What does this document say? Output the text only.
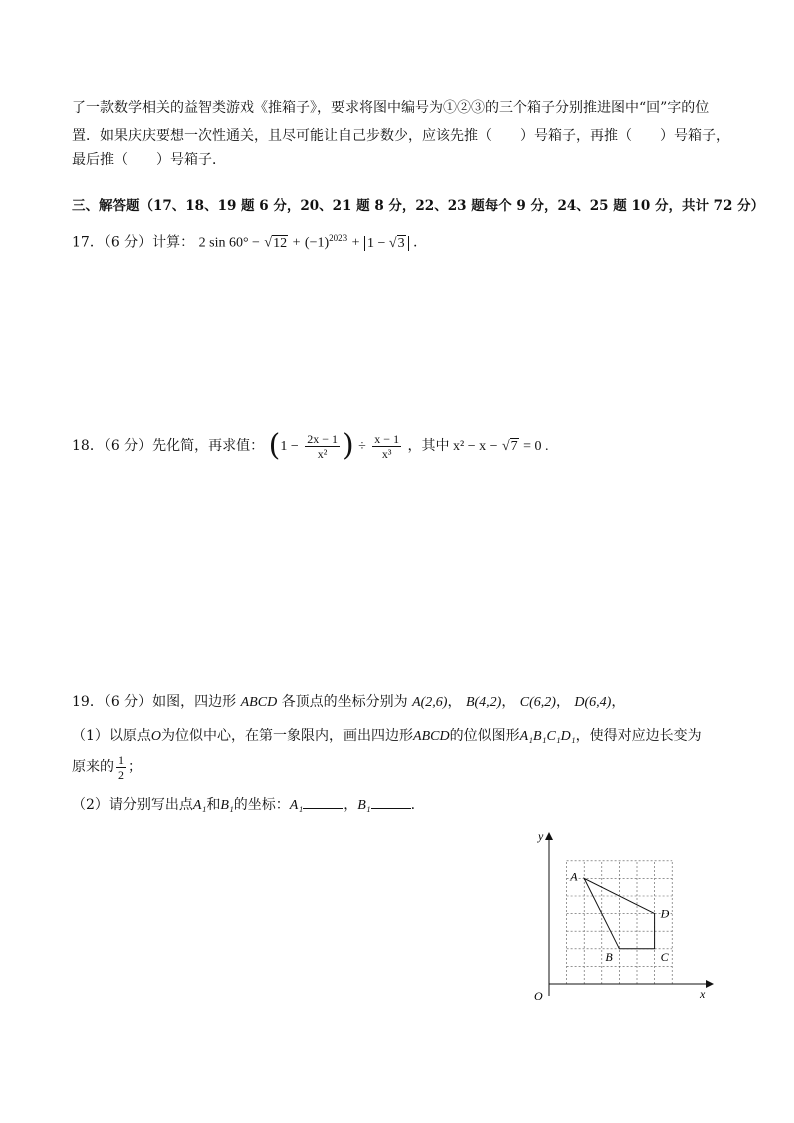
了一款数学相关的益智类游戏《推箱子》，要求将图中编号为①②③的三个箱子分别推进图中“回”字的位
置．如果庆庆要想一次性通关，且尽可能让自己步数少，应该先推（　　）号箱子，再推（　　）号箱子，
最后推（　　）号箱子．
三、解答题（17、18、19 题 6 分，20、21 题 8 分，22、23 题每个 9 分，24、25 题 10 分，共计 72 分）
17．（6 分）计算： 2 $\sin 60^\circ - √12 + (-1)^{2023} + 1 - √3$ .
18．（6 分）先化简，再求值： ($1 - \frac{2x - 1}{\text{x²}}$ ) ÷ $\frac{x - 1}{\text{x³}}$ ，其中 x² − x − √7 = 0 .
19．（6 分）如图，四边形 ABCD 各顶点的坐标分别为 A(2,6)， B(4,2)， C(6,2)， D(6,4)，
（1）以原点O为位似中心，在第一象限内，画出四边形ABCD的位似图形A₁B₁C₁D₁，使得对应边长变为
原来的 $\frac{1}{2}$ ；
（2）请分别写出点A₁和B₁的坐标：A₁	，B₁	.
y
x
O
A
B	C
D
